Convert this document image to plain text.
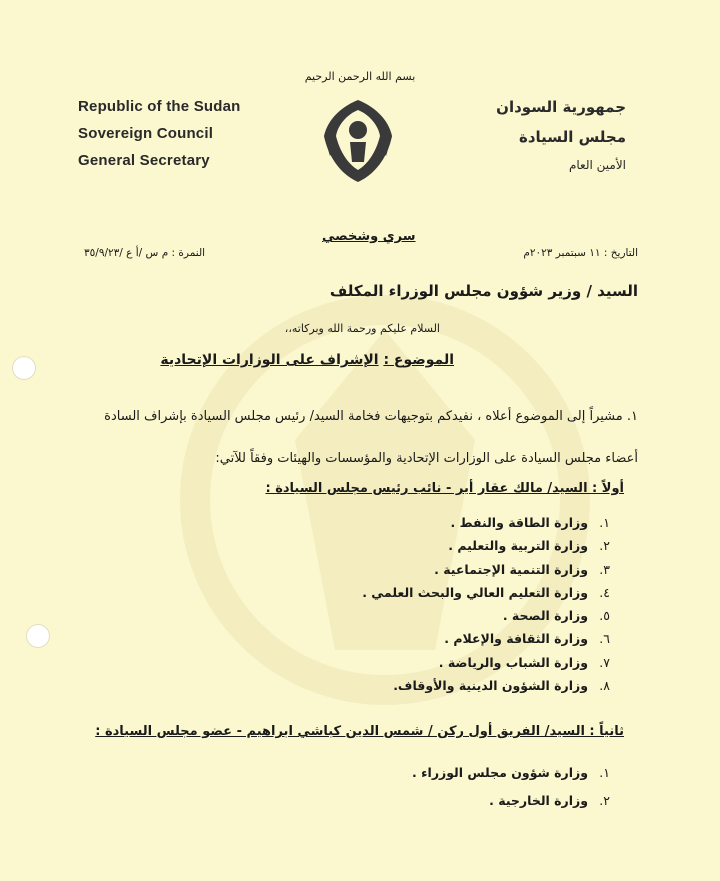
Republic of the Sudan
Sovereign Council
General Secretary
جمهورية السودان
مجلس السيادة
الأمين العام
بسم الله الرحمن الرحيم
سري وشخصي
التاريخ : ١١ سبتمبر ٢٠٢٣م
النمرة : م س /أ ع /٣٥/٩/٢٣
السيد / وزير شؤون مجلس الوزراء المكلف
السلام عليكم ورحمة الله وبركاته،،
الموضوع : الإشراف على الوزارات الإتحادية
١. مشيراً إلى الموضوع أعلاه ، نفيدكم بتوجيهات فخامة السيد/ رئيس مجلس السيادة بإشراف السادة أعضاء مجلس السيادة على الوزارات الإتحادية والمؤسسات والهيئات وفقاً للآتي:
أولاً : السيد/ مالك عقار أير - نائب رئيس مجلس السيادة :
١.وزارة الطاقة والنفط .
٢.وزارة التربية والتعليم .
٣.وزارة التنمية الإجتماعية .
٤.وزارة التعليم العالي والبحث العلمي .
٥.وزارة الصحة .
٦.وزارة الثقافة والإعلام .
٧.وزارة الشباب والرياضة .
٨.وزارة الشؤون الدينية والأوقاف.
ثانياً : السيد/ الفريق أول ركن / شمس الدين كباشي ابراهيم - عضو مجلس السيادة :
١.وزارة شؤون مجلس الوزراء .
٢.وزارة الخارجية .
